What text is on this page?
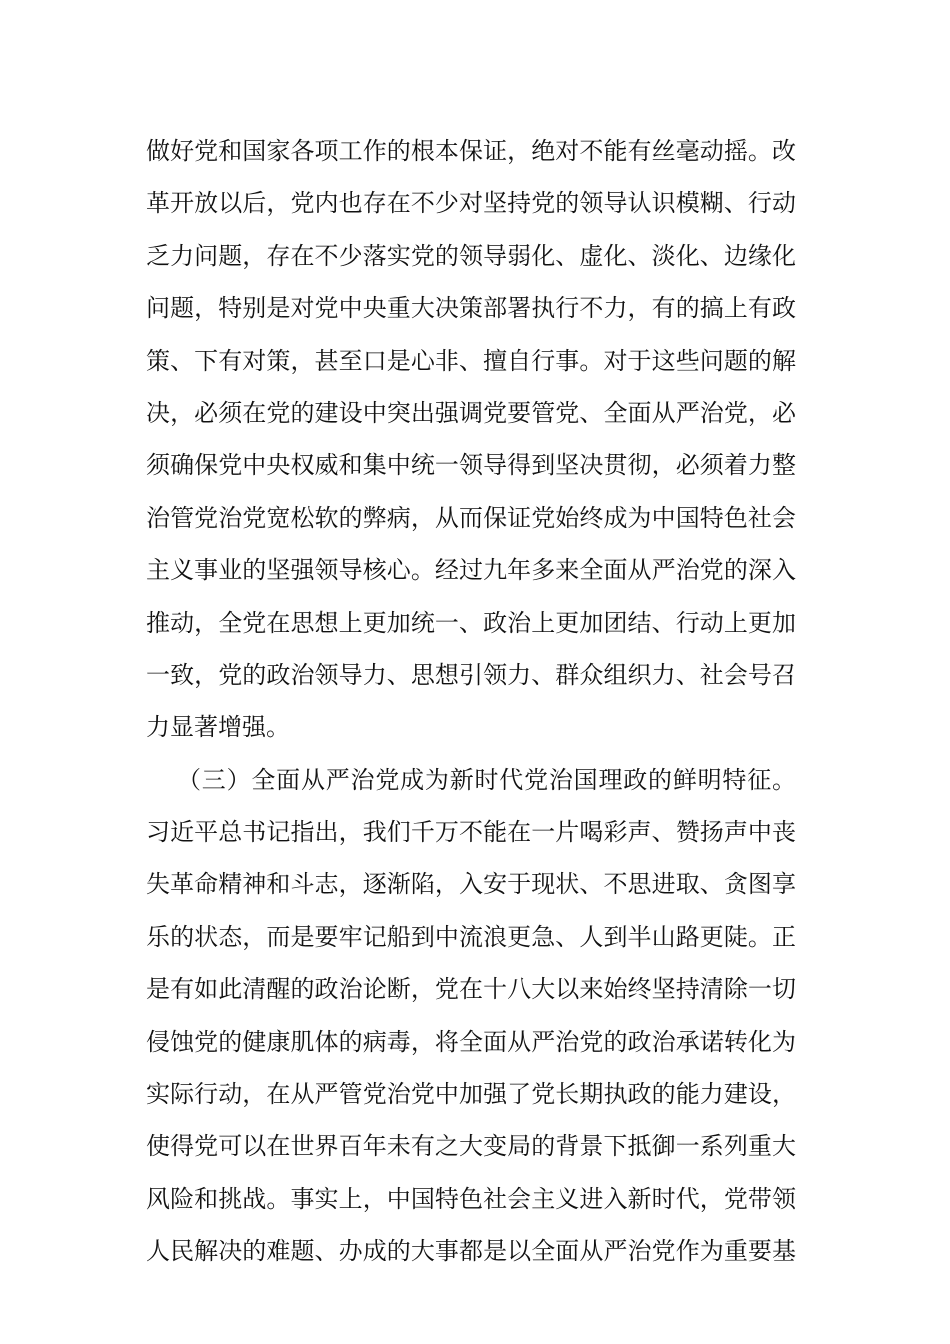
做好党和国家各项工作的根本保证，绝对不能有丝毫动摇。改
革开放以后，党内也存在不少对坚持党的领导认识模糊、行动
乏力问题，存在不少落实党的领导弱化、虚化、淡化、边缘化
问题，特别是对党中央重大决策部署执行不力，有的搞上有政
策、下有对策，甚至口是心非、擅自行事。对于这些问题的解
决，必须在党的建设中突出强调党要管党、全面从严治党，必
须确保党中央权威和集中统一领导得到坚决贯彻，必须着力整
治管党治党宽松软的弊病，从而保证党始终成为中国特色社会
主义事业的坚强领导核心。经过九年多来全面从严治党的深入
推动，全党在思想上更加统一、政治上更加团结、行动上更加
一致，党的政治领导力、思想引领力、群众组织力、社会号召
力显著增强。
（三）全面从严治党成为新时代党治国理政的鲜明特征。
习近平总书记指出，我们千万不能在一片喝彩声、赞扬声中丧
失革命精神和斗志，逐渐陷，入安于现状、不思进取、贪图享
乐的状态，而是要牢记船到中流浪更急、人到半山路更陡。正
是有如此清醒的政治论断，党在十八大以来始终坚持清除一切
侵蚀党的健康肌体的病毒，将全面从严治党的政治承诺转化为
实际行动，在从严管党治党中加强了党长期执政的能力建设，
使得党可以在世界百年未有之大变局的背景下抵御一系列重大
风险和挑战。事实上，中国特色社会主义进入新时代，党带领
人民解决的难题、办成的大事都是以全面从严治党作为重要基
